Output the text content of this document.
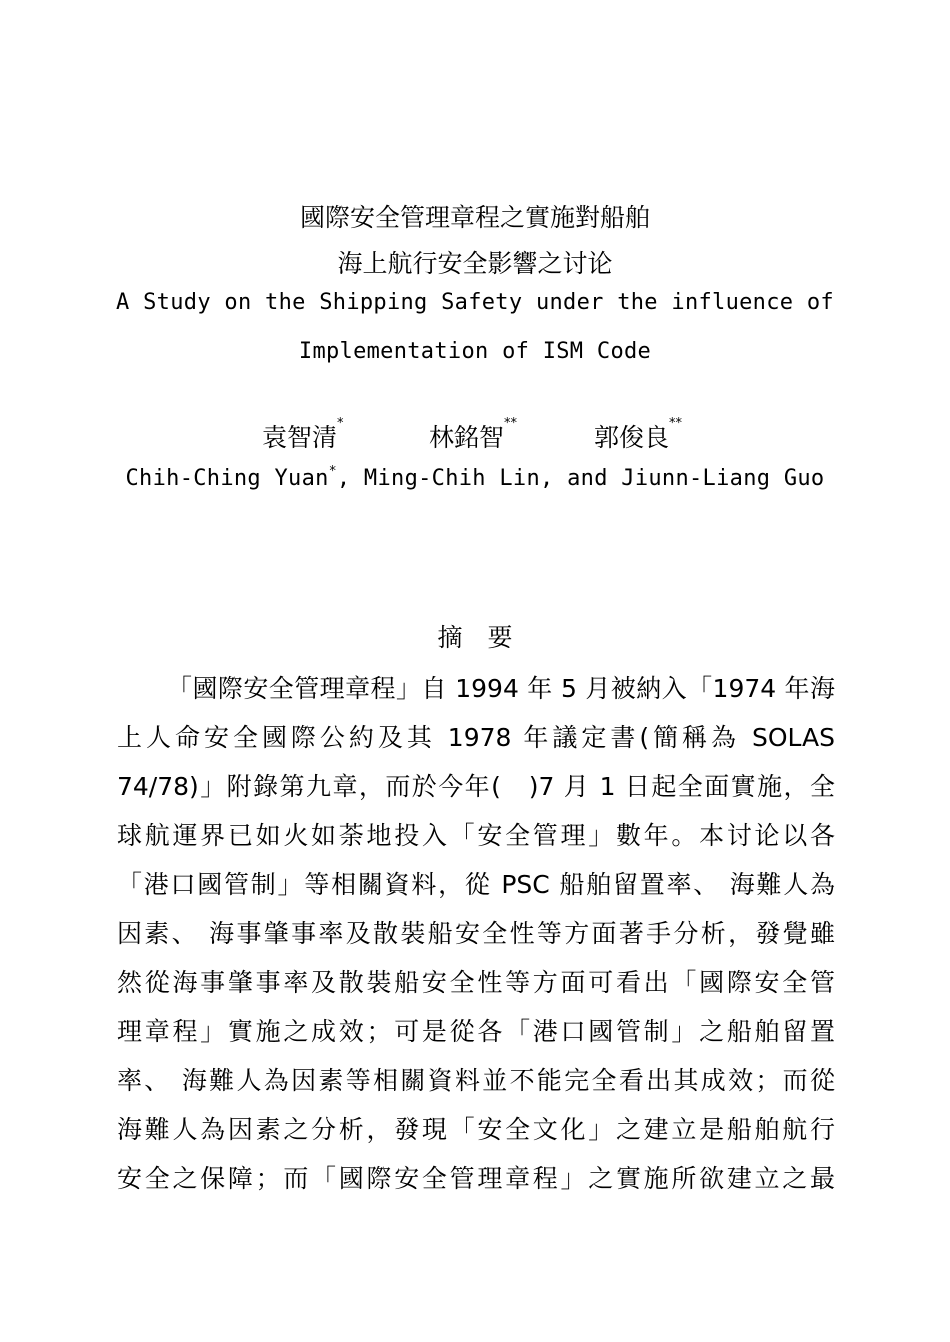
國際安全管理章程之實施對船舶
海上航行安全影響之讨论
A Study on the Shipping Safety under the influence of
Implementation of ISM Code
袁智清*	林銘智**	郭俊良**
Chih-Ching Yuan*, Ming-Chih Lin, and Jiunn-Liang Guo
摘　要
「國際安全管理章程」自 1994 年 5 月被納入「1974 年海
上人命安全國際公約及其 1978 年議定書(簡稱為 SOLAS
74/78)」附錄第九章，而於今年(　)7 月 1 日起全面實施，全
球航運界已如火如荼地投入「安全管理」數年。本讨论以各
「港口國管制」等相關資料，從 PSC 船舶留置率、 海難人為
因素、 海事肇事率及散裝船安全性等方面著手分析，發覺雖
然從海事肇事率及散裝船安全性等方面可看出「國際安全管
理章程」實施之成效；可是從各「港口國管制」之船舶留置
率、 海難人為因素等相關資料並不能完全看出其成效；而從
海難人為因素之分析，發現「安全文化」之建立是船舶航行
安全之保障；而「國際安全管理章程」之實施所欲建立之最
